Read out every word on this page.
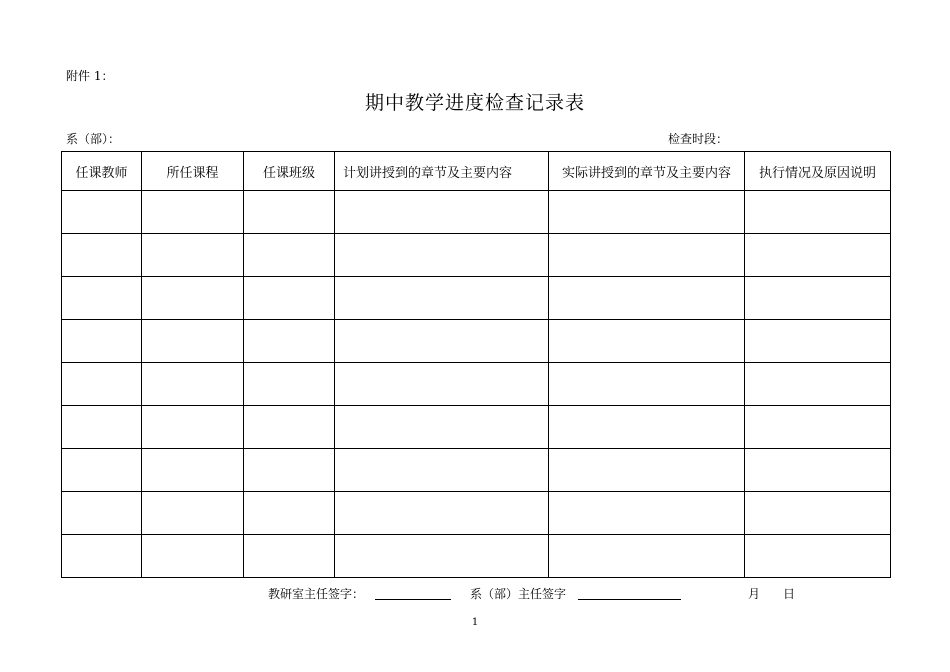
附件 1：
期中教学进度检查记录表
系（部）：	检查时段：
任课教师	所任课程	任课班级	计划讲授到的章节及主要内容	实际讲授到的章节及主要内容	执行情况及原因说明

教研室主任签字：	系（部）主任签字	月 日
1
